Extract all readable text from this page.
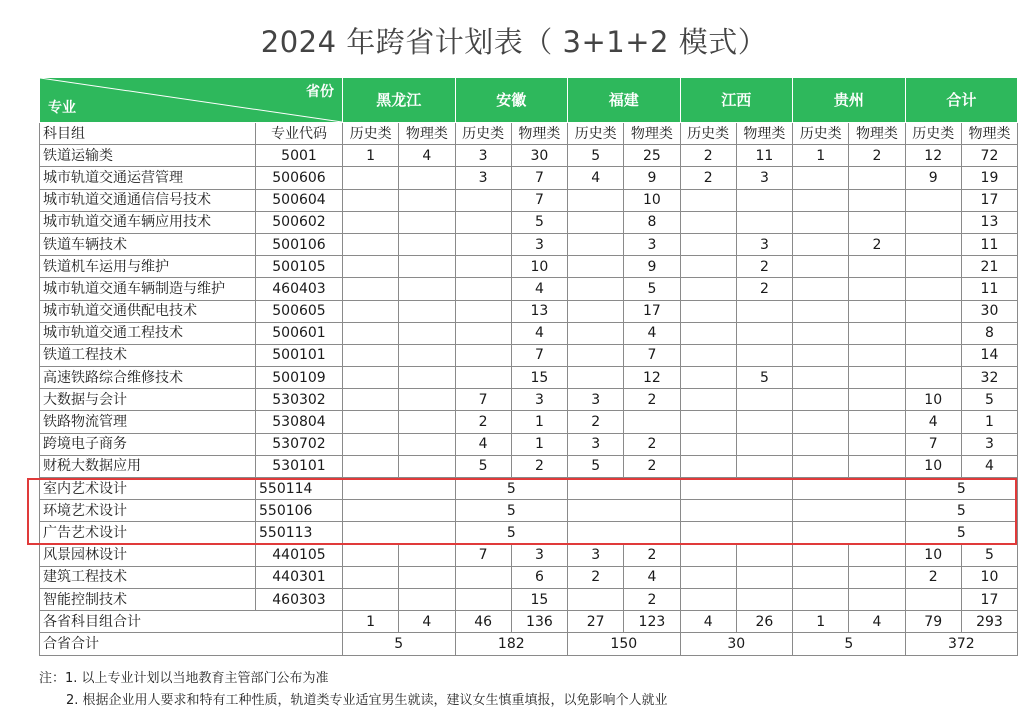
2024 年跨省计划表（ 3+1+2 模式）
省份
专业		黑龙江		安徽		福建		江西		贵州		合计	
科目组	专业代码	历史类	物理类	历史类	物理类	历史类	物理类	历史类	物理类	历史类	物理类	历史类	物理类
铁道运输类	5001	1	4	3	30	5	25	2	11	1	2	12	72
城市轨道交通运营管理	500606			3	7	4	9	2	3			9	19
城市轨道交通通信信号技术	500604				7		10						17
城市轨道交通车辆应用技术	500602				5		8						13
铁道车辆技术	500106				3		3		3		2		11
铁道机车运用与维护	500105				10		9		2				21
城市轨道交通车辆制造与维护	460403				4		5		2				11
城市轨道交通供配电技术	500605				13		17						30
城市轨道交通工程技术	500601				4		4						8
铁道工程技术	500101				7		7						14
高速铁路综合维修技术	500109				15		12		5				32
大数据与会计	530302			7	3	3	2					10	5
铁路物流管理	530804			2	1	2						4	1
跨境电子商务	530702			4	1	3	2					7	3
财税大数据应用	530101			5	2	5	2					10	4
室内艺术设计	550114			5								5	
环境艺术设计	550106			5								5	
广告艺术设计	550113			5								5	
风景园林设计	440105			7	3	3	2					10	5
建筑工程技术	440301				6	2	4					2	10
智能控制技术	460303				15		2						17
各省科目组合计		1	4	46	136	27	123	4	26	1	4	79	293
合省合计		5		182		150		30		5		372	
注：1. 以上专业计划以当地教育主管部门公布为准
2. 根据企业用人要求和特有工种性质，轨道类专业适宜男生就读，建议女生慎重填报，以免影响个人就业
